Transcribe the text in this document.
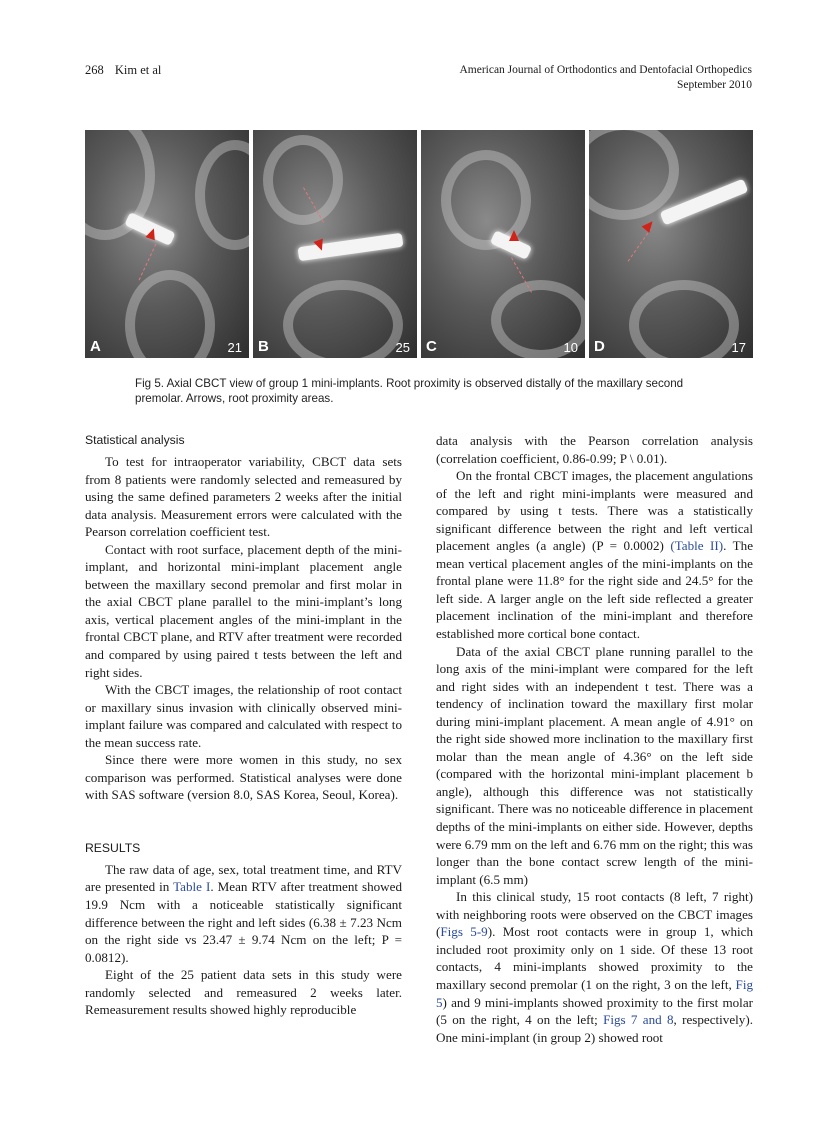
268 Kim et al	American Journal of Orthodontics and Dentofacial Orthopedics
September 2010
A	21 B	25 C	10 D	17
Fig 5. Axial CBCT view of group 1 mini-implants. Root proximity is observed distally of the maxillary second premolar. Arrows, root proximity areas.
Statistical analysis

To test for intraoperator variability, CBCT data sets from 8 patients were randomly selected and remeasured by using the same defined parameters 2 weeks after the initial data analysis. Measurement errors were calculated with the Pearson correlation coefficient test.

Contact with root surface, placement depth of the mini-implant, and horizontal mini-implant placement angle between the maxillary second premolar and first molar in the axial CBCT plane parallel to the mini-implant’s long axis, vertical placement angles of the mini-implant in the frontal CBCT plane, and RTV after treatment were recorded and compared by using paired t tests between the left and right sides.

With the CBCT images, the relationship of root contact or maxillary sinus invasion with clinically observed mini-implant failure was compared and calculated with respect to the mean success rate.

Since there were more women in this study, no sex comparison was performed. Statistical analyses were done with SAS software (version 8.0, SAS Korea, Seoul, Korea).

RESULTS

The raw data of age, sex, total treatment time, and RTV are presented in Table I. Mean RTV after treatment showed 19.9 Ncm with a noticeable statistically significant difference between the right and left sides (6.38 ± 7.23 Ncm on the right side vs 23.47 ± 9.74 Ncm on the left; P = 0.0812).

Eight of the 25 patient data sets in this study were randomly selected and remeasured 2 weeks later. Remeasurement results showed highly reproducible

data analysis with the Pearson correlation analysis (correlation coefficient, 0.86-0.99; P \ 0.01).

On the frontal CBCT images, the placement angulations of the left and right mini-implants were measured and compared by using t tests. There was a statistically significant difference between the right and left vertical placement angles (a angle) (P = 0.0002) (Table II). The mean vertical placement angles of the mini-implants on the frontal plane were 11.8° for the right side and 24.5° for the left side. A larger angle on the left side reflected a greater placement inclination of the mini-implant and therefore established more cortical bone contact.

Data of the axial CBCT plane running parallel to the long axis of the mini-implant were compared for the left and right sides with an independent t test. There was a tendency of inclination toward the maxillary first molar during mini-implant placement. A mean angle of 4.91° on the right side showed more inclination to the maxillary first molar than the mean angle of 4.36° on the left side (compared with the horizontal mini-implant placement b angle), although this difference was not statistically significant. There was no noticeable difference in placement depths of the mini-implants on either side. However, depths were 6.79 mm on the left and 6.76 mm on the right; this was longer than the bone contact screw length of the mini-implant (6.5 mm)

In this clinical study, 15 root contacts (8 left, 7 right) with neighboring roots were observed on the CBCT images (Figs 5-9). Most root contacts were in group 1, which included root proximity only on 1 side. Of these 13 root contacts, 4 mini-implants showed proximity to the maxillary second premolar (1 on the right, 3 on the left, Fig 5) and 9 mini-implants showed proximity to the first molar (5 on the right, 4 on the left; Figs 7 and 8, respectively). One mini-implant (in group 2) showed root
